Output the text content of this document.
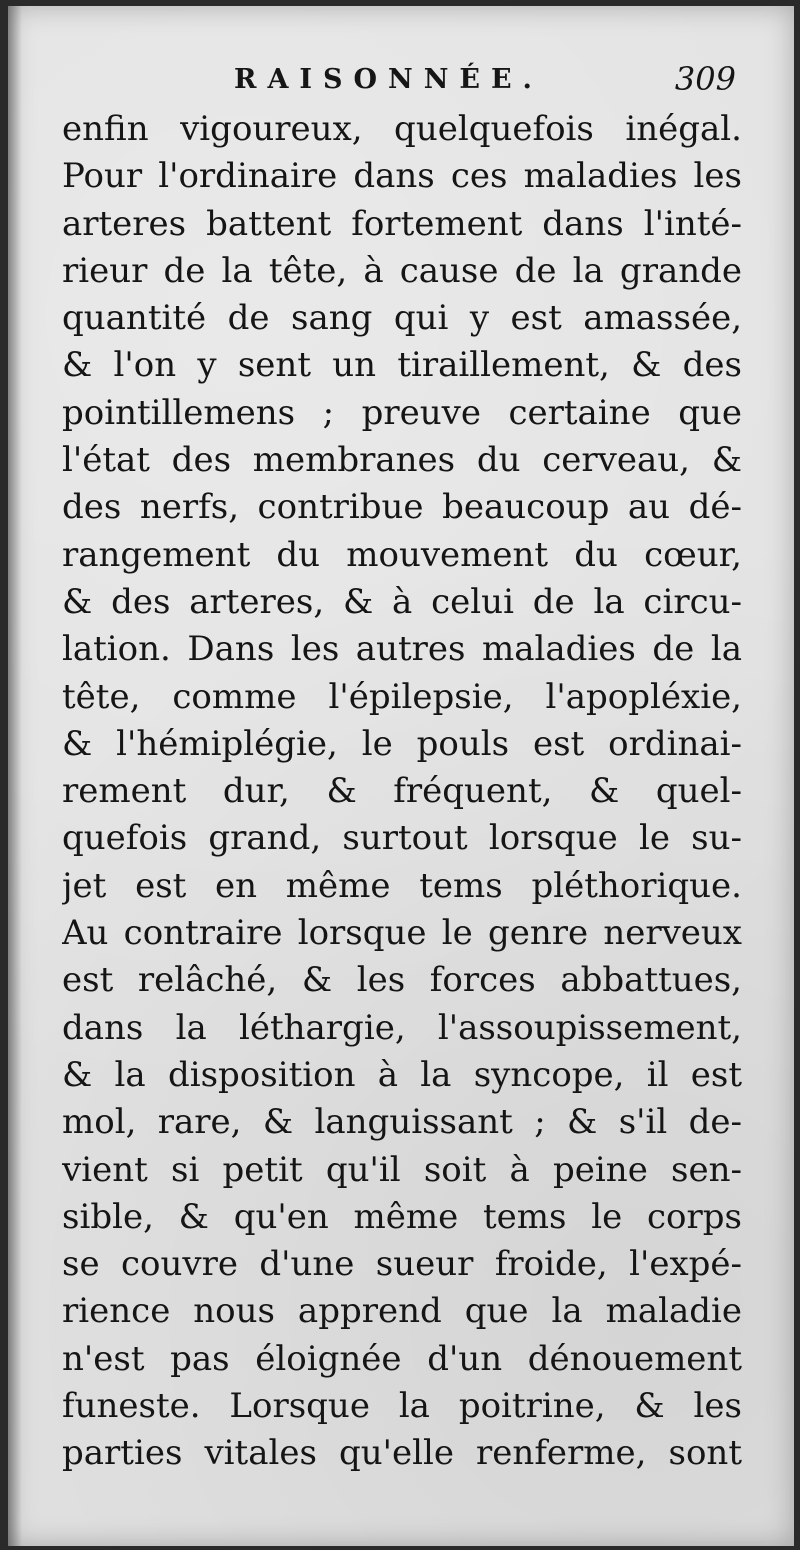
RAISONNÉE.	309
enfin vigoureux, quelquefois inégal.
Pour l'ordinaire dans ces maladies les
arteres battent fortement dans l'inté-
rieur de la tête, à cause de la grande
quantité de sang qui y est amassée,
& l'on y sent un tiraillement, & des
pointillemens ; preuve certaine que
l'état des membranes du cerveau, &
des nerfs, contribue beaucoup au dé-
rangement du mouvement du cœur,
& des arteres, & à celui de la circu-
lation. Dans les autres maladies de la
tête, comme l'épilepsie, l'apopléxie,
& l'hémiplégie, le pouls est ordinai-
rement dur, & fréquent, & quel-
quefois grand, surtout lorsque le su-
jet est en même tems pléthorique.
Au contraire lorsque le genre nerveux
est relâché, & les forces abbattues,
dans la léthargie, l'assoupissement,
& la disposition à la syncope, il est
mol, rare, & languissant ; & s'il de-
vient si petit qu'il soit à peine sen-
sible, & qu'en même tems le corps
se couvre d'une sueur froide, l'expé-
rience nous apprend que la maladie
n'est pas éloignée d'un dénouement
funeste. Lorsque la poitrine, & les
parties vitales qu'elle renferme, sont
